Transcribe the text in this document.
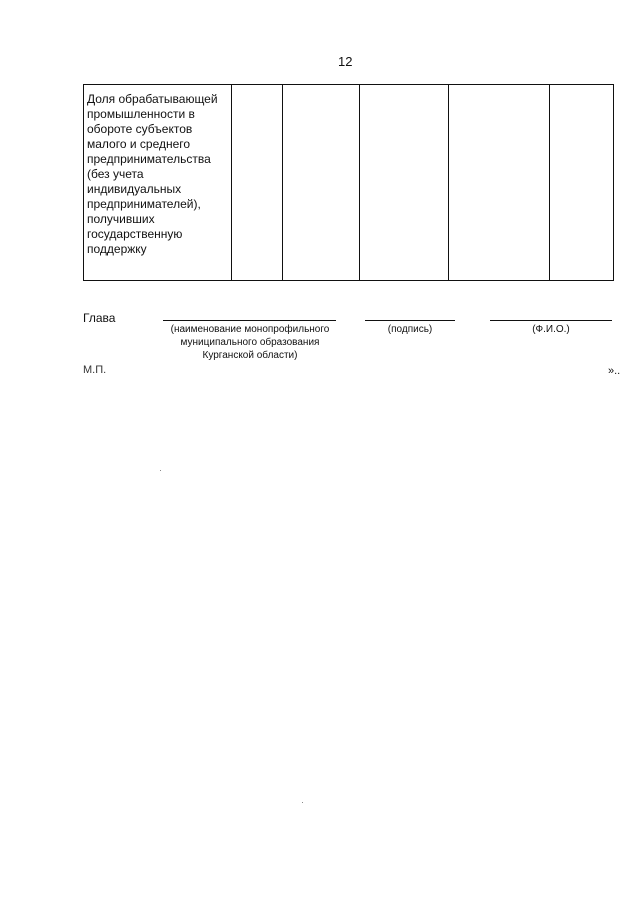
12
Доля обрабатывающей промышленности в обороте субъектов малого и среднего предпринимательства (без учета индивидуальных предпринимателей), получивших государственную поддержку

Глава
(наименование монопрофильного муниципального образования Курганской области)
(подпись)	(Ф.И.О.)
М.П.	»..
